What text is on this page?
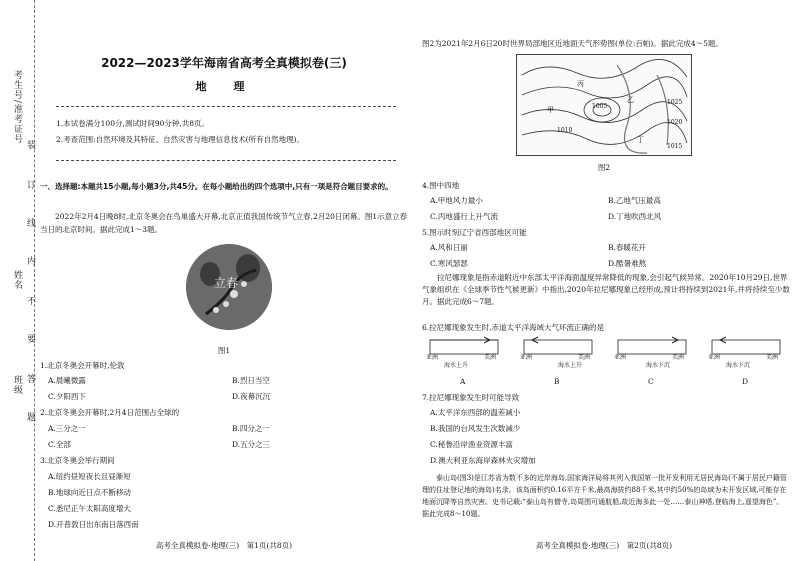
考生号/准考证号
姓名
班级
装
订
线
内
不
要
答
题
2022—2023学年海南省高考全真模拟卷(三)
地　理
1.本试卷满分100分,测试时间90分钟,共8页。
2.考查范围:自然环境及其特征、自然灾害与地理信息技术(所有自然地理)。
一、选择题:本题共15小题,每小题3分,共45分。在每小题给出的四个选项中,只有一项是符合题目要求的。
2022年2月4日晚8时,北京冬奥会在鸟巢盛大开幕,北京正值我国传统节气立春,2月20日闭幕。图1示意立春当日的北京时间。据此完成1～3题。
立春
图1
1.北京冬奥会开幕时,伦敦
A.晨曦微露	B.烈日当空
C.夕阳西下	D.夜幕沉沉
2.北京冬奥会开幕时,2月4日范围占全球的
A.三分之一	B.四分之一
C.全部	D.五分之三
3.北京冬奥会举行期间
A.纽约昼短夜长且昼渐短
B.地球向近日点不断移动
C.悉尼正午太阳高度增大
D.开普敦日出东南日落西南
高考全真模拟卷·地理(三)　第1页(共8页)
图2为2021年2月6日20时世界局部地区近地面天气形势图(单位:百帕)。据此完成4～5题。
1025
1020
1015
1010
1005
丙
甲
乙
丁
图2
4.图中四地
A.甲地风力最小	B.乙地气压最高
C.丙地盛行上升气流	D.丁地吹西北风
5.图示时刻辽宁省西部地区可能
A.风和日丽	B.春暖花开
C.寒风瑟瑟	D.酷暑难熬
拉尼娜现象是指赤道附近中东部太平洋海面温度异常降低的现象,会引起气候异常。2020年10月29日,世界气象组织在《全球季节性气候更新》中指出,2020年拉尼娜现象已经形成,预计将持续到2021年,并将持续至少数月。据此完成6～7题。
6.拉尼娜现象发生时,赤道太平洋海域大气环流正确的是
亚洲	美洲
海水上升
亚洲	美洲
海水上升
亚洲	美洲
海水下沉
亚洲	美洲
海水下沉
A	B	C	D
7.拉尼娜现象发生时可能导致
A.太平洋东西部的温差减小
B.我国的台风发生次数减少
C.秘鲁沿岸渔业资源丰富
D.澳大利亚东海岸森林火灾增加
泰山岛(图3)是江苏省为数不多的近岸海岛,国家海洋局将其列入我国第一批开发利用无居民海岛(不属于居民户籍管理的住址登记地的海岛)名录。该岛面积约0.16平方千米,最高海拔约88千米,其中约50%的岛域为未开发区域,可能存在地面沉降等自然灾害。史书记载:“泰山岛有僧寺,岛周围可通航船,故近海多此一处……泰山神塔,登临海上,遥望海色”。据此完成8～10题。
高考全真模拟卷·地理(三)　第2页(共8页)
